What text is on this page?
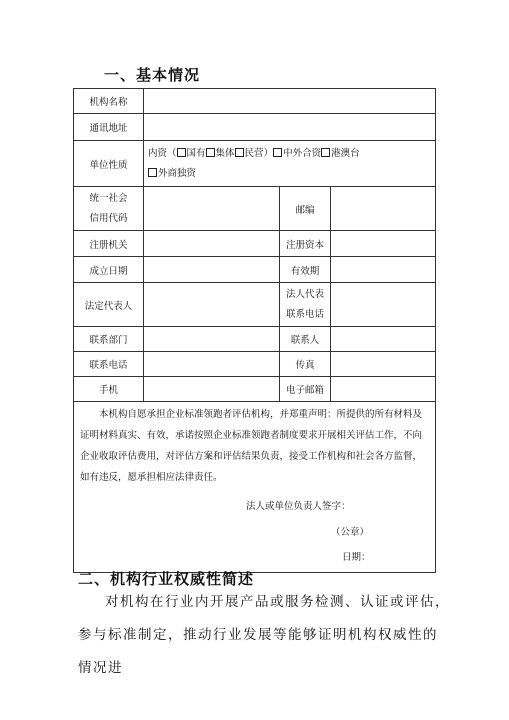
一、基本情况
机构名称			
通讯地址			
单位性质	内资（ 国有 集体 民营） 中外合资 港澳台
外商独资		

统一社会
信用代码		邮编	
注册机关		注册资本	
成立日期		有效期	
法定代表人		法人代表
联系电话	

联系部门		联系人	
联系电话		传真	
手机		电子邮箱	

本机构自愿承担企业标准领跑者评估机构，并郑重声明：所提供的所有材料及证明材料真实、有效，承诺按照企业标准领跑者制度要求开展相关评估工作，不向企业收取评估费用，对评估方案和评估结果负责，接受工作机构和社会各方监督，如有违反，愿承担相应法律责任。

法人或单位负责人签字：
（公章）
日期：			
二、机构行业权威性简述

对机构在行业内开展产品或服务检测、认证或评估，参与标准制定，推动行业发展等能够证明机构权威性的情况进
